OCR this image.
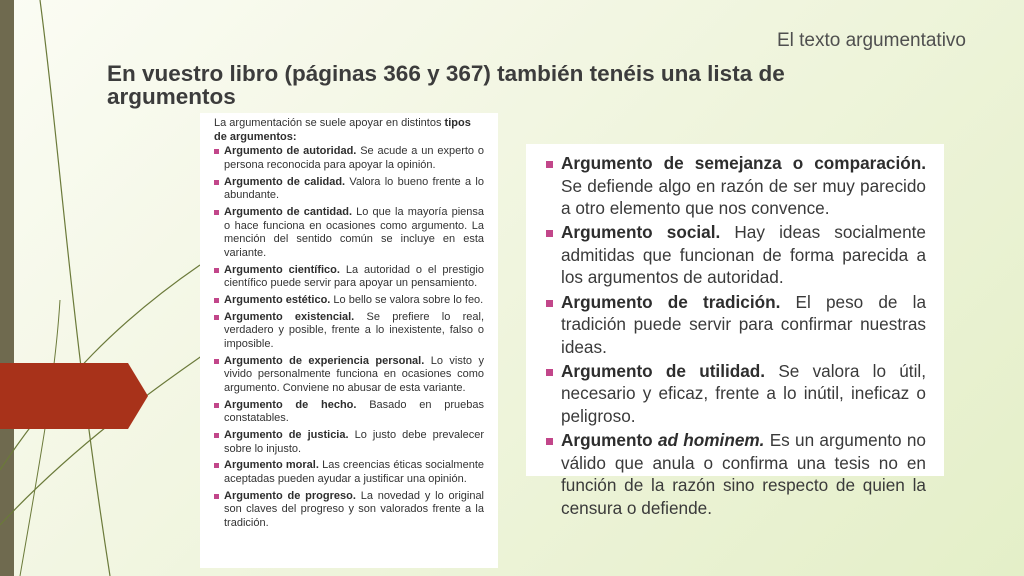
El texto argumentativo
En vuestro libro (páginas 366 y 367) también tenéis una lista de argumentos

La argumentación se suele apoyar en distintos tipos de argumentos:

Argumento de autoridad. Se acude a un experto o persona reconocida para apoyar la opinión.
Argumento de calidad. Valora lo bueno frente a lo abundante.
Argumento de cantidad. Lo que la mayoría piensa o hace funciona en ocasiones como argumento. La mención del sentido común se incluye en esta variante.
Argumento científico. La autoridad o el prestigio científico puede servir para apoyar un pensamiento.
Argumento estético. Lo bello se valora sobre lo feo.
Argumento existencial. Se prefiere lo real, verdadero y posible, frente a lo inexistente, falso o imposible.
Argumento de experiencia personal. Lo visto y vivido personalmente funciona en ocasiones como argumento. Conviene no abusar de esta variante.
Argumento de hecho. Basado en pruebas constatables.
Argumento de justicia. Lo justo debe prevalecer sobre lo injusto.
Argumento moral. Las creencias éticas socialmente aceptadas pueden ayudar a justificar una opinión.
Argumento de progreso. La novedad y lo original son claves del progreso y son valorados frente a la tradición.
Argumento de semejanza o comparación. Se defiende algo en razón de ser muy parecido a otro elemento que nos convence.
Argumento social. Hay ideas socialmente admitidas que funcionan de forma parecida a los argumentos de autoridad.
Argumento de tradición. El peso de la tradición puede servir para confirmar nuestras ideas.
Argumento de utilidad. Se valora lo útil, necesario y eficaz, frente a lo inútil, ineficaz o peligroso.
Argumento ad hominem. Es un argumento no válido que anula o confirma una tesis no en función de la razón sino respecto de quien la censura o defiende.
